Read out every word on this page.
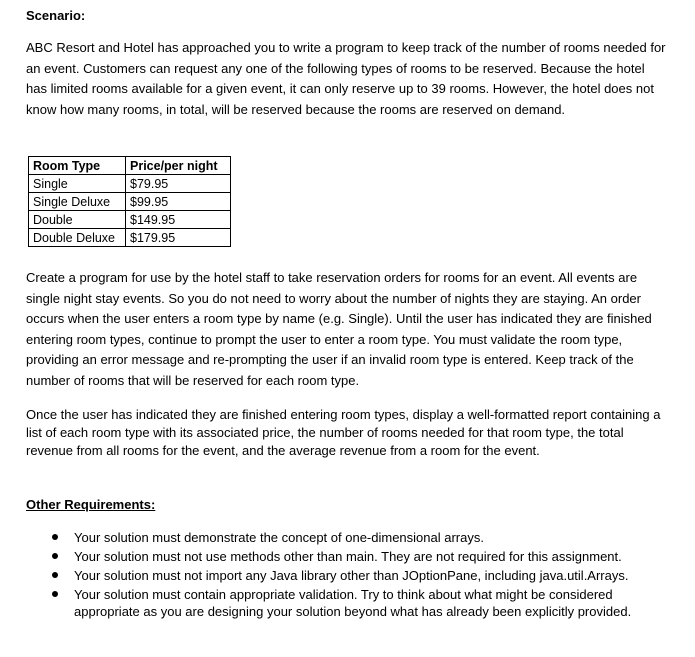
Scenario:
ABC Resort and Hotel has approached you to write a program to keep track of the number of rooms needed for an event. Customers can request any one of the following types of rooms to be reserved. Because the hotel has limited rooms available for a given event, it can only reserve up to 39 rooms. However, the hotel does not know how many rooms, in total, will be reserved because the rooms are reserved on demand.
Room Type	Price/per night
Single	$79.95
Single Deluxe	$99.95
Double	$149.95
Double Deluxe	$179.95
Create a program for use by the hotel staff to take reservation orders for rooms for an event. All events are single night stay events. So you do not need to worry about the number of nights they are staying. An order occurs when the user enters a room type by name (e.g. Single). Until the user has indicated they are finished entering room types, continue to prompt the user to enter a room type. You must validate the room type, providing an error message and re-prompting the user if an invalid room type is entered. Keep track of the number of rooms that will be reserved for each room type.
Once the user has indicated they are finished entering room types, display a well-formatted report containing a list of each room type with its associated price, the number of rooms needed for that room type, the total revenue from all rooms for the event, and the average revenue from a room for the event.
Other Requirements:
Your solution must demonstrate the concept of one-dimensional arrays.
Your solution must not use methods other than main. They are not required for this assignment.
Your solution must not import any Java library other than JOptionPane, including java.util.Arrays.
Your solution must contain appropriate validation. Try to think about what might be considered appropriate as you are designing your solution beyond what has already been explicitly provided.
